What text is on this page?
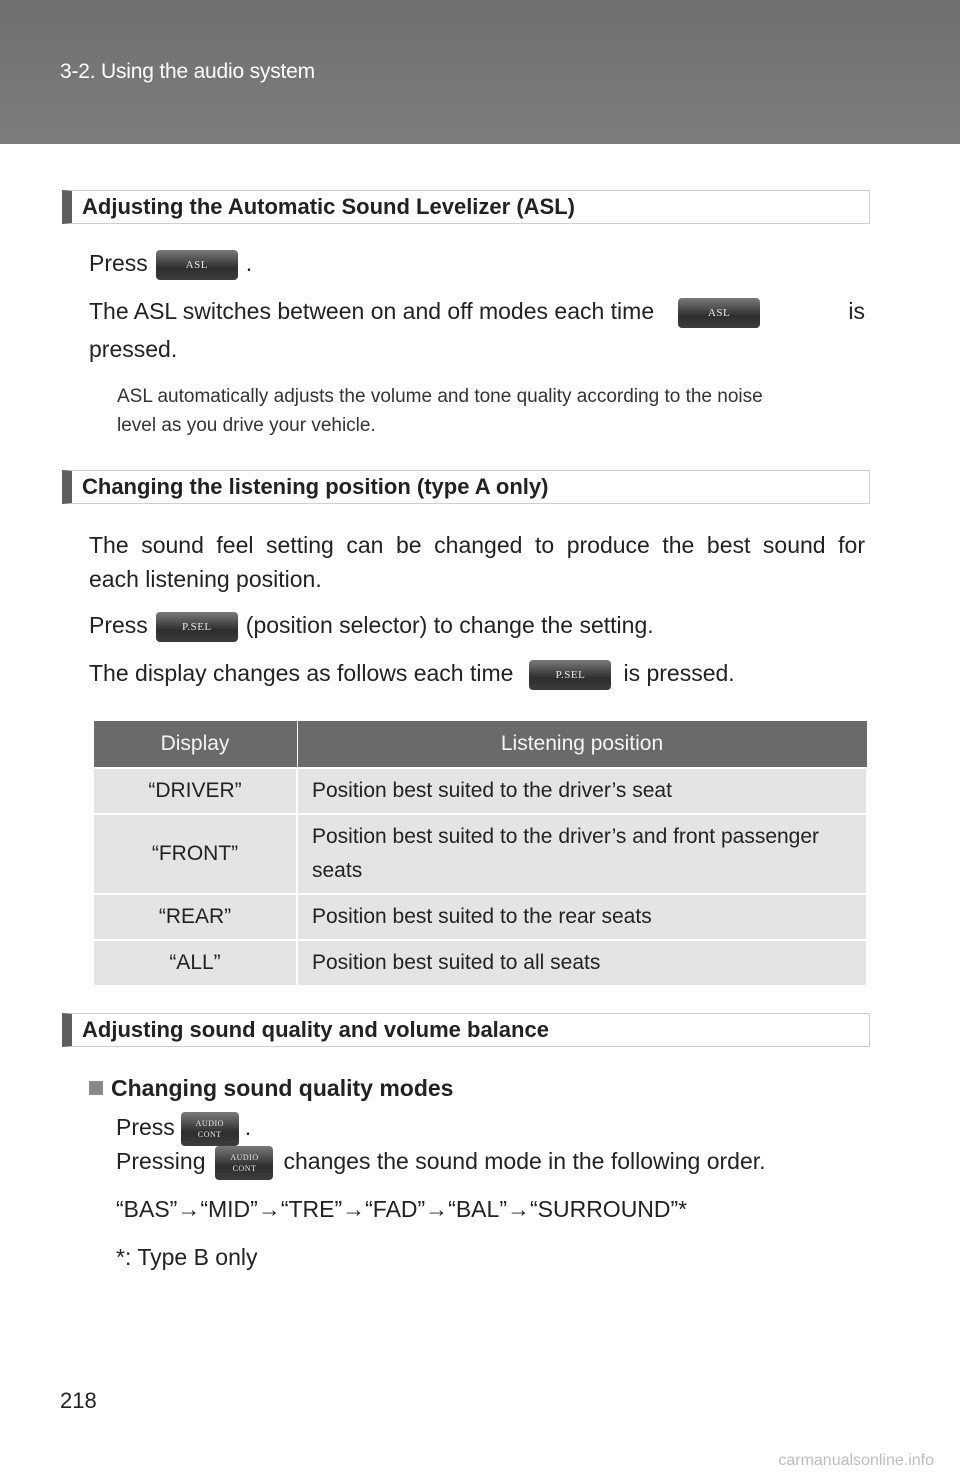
3-2. Using the audio system
Adjusting the Automatic Sound Levelizer (ASL)
Press	ASL .
The ASL switches between on and off modes each time	ASL	is
pressed.
ASL automatically adjusts the volume and tone quality according to the noise
level as you drive your vehicle.
Changing the listening position (type A only)
The sound feel setting can be changed to produce the best sound for
each listening position.
Press	P.SEL (position selector) to change the setting.
The display changes as follows each time	P.SEL is pressed.
Display	Listening position
“DRIVER”	Position best suited to the driver’s seat

“FRONT”	Position best suited to the driver’s and front passenger
seats

“REAR”	Position best suited to the rear seats

“ALL”	Position best suited to all seats
Adjusting sound quality and volume balance
Changing sound quality modes
Press	AUDIO
CONT .
Pressing	AUDIO
CONT changes the sound mode in the following order.
“BAS”→“MID”→“TRE”→“FAD”→“BAL”→“SURROUND”*
*: Type B only
218
carmanualsonline.info
